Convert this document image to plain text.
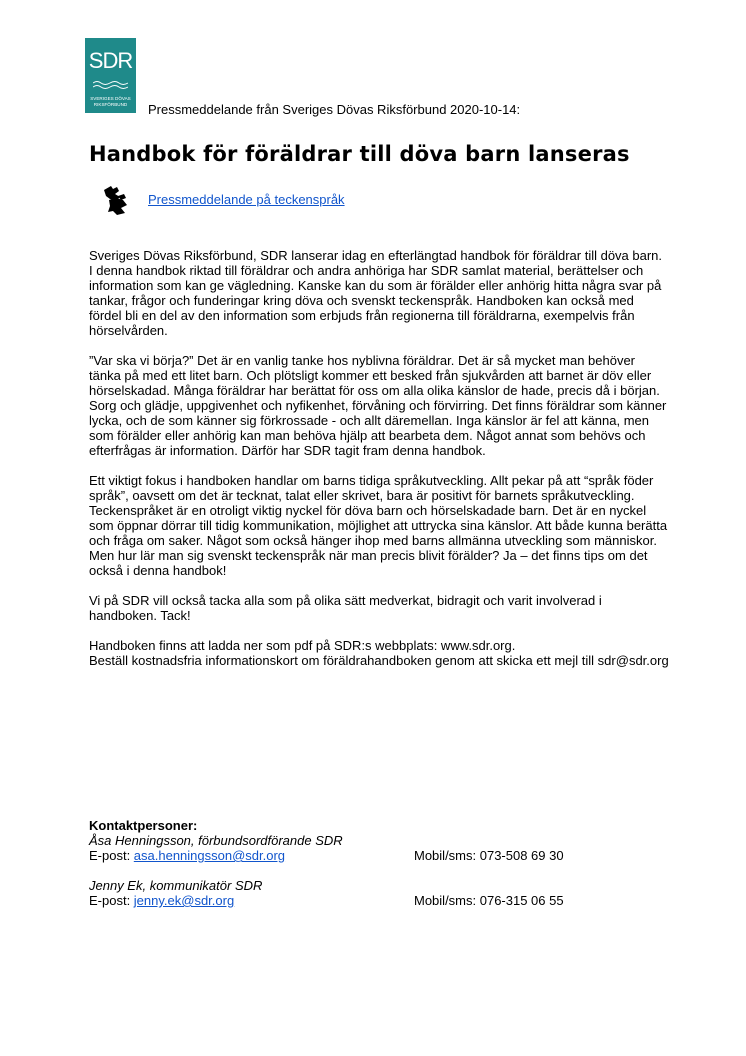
SDR
SVERIGES DÖVAS
RIKSFÖRBUND	Pressmeddelande från Sveriges Dövas Riksförbund 2020-10-14:
Handbok för föräldrar till döva barn lanseras
Pressmeddelande på teckenspråk

Sveriges Dövas Riksförbund, SDR lanserar idag en efterlängtad handbok för föräldrar till döva barn. I denna handbok riktad till föräldrar och andra anhöriga har SDR samlat material, berättelser och information som kan ge vägledning. Kanske kan du som är förälder eller anhörig hitta några svar på tankar, frågor och funderingar kring döva och svenskt teckenspråk. Handboken kan också med fördel bli en del av den information som erbjuds från regionerna till föräldrarna, exempelvis från hörselvården.

”Var ska vi börja?” Det är en vanlig tanke hos nyblivna föräldrar. Det är så mycket man behöver tänka på med ett litet barn. Och plötsligt kommer ett besked från sjukvården att barnet är döv eller hörselskadad. Många föräldrar har berättat för oss om alla olika känslor de hade, precis då i början. Sorg och glädje, uppgivenhet och nyfikenhet, förvåning och förvirring. Det finns föräldrar som känner lycka, och de som känner sig förkrossade - och allt däremellan. Inga känslor är fel att känna, men som förälder eller anhörig kan man behöva hjälp att bearbeta dem. Något annat som behövs och efterfrågas är information. Därför har SDR tagit fram denna handbok.

Ett viktigt fokus i handboken handlar om barns tidiga språkutveckling. Allt pekar på att “språk föder språk”, oavsett om det är tecknat, talat eller skrivet, bara är positivt för barnets språkutveckling. Teckenspråket är en otroligt viktig nyckel för döva barn och hörselskadade barn. Det är en nyckel som öppnar dörrar till tidig kommunikation, möjlighet att uttrycka sina känslor. Att både kunna berätta och fråga om saker. Något som också hänger ihop med barns allmänna utveckling som människor. Men hur lär man sig svenskt teckenspråk när man precis blivit förälder? Ja – det finns tips om det också i denna handbok!

Vi på SDR vill också tacka alla som på olika sätt medverkat, bidragit och varit involverad i handboken. Tack!

Handboken finns att ladda ner som pdf på SDR:s webbplats: www.sdr.org.
Beställ kostnadsfria informationskort om föräldrahandboken genom att skicka ett mejl till sdr@sdr.org

Kontaktpersoner:
Åsa Henningsson, förbundsordförande SDR
E-post: asa.henningsson@sdr.org	Mobil/sms: 073-508 69 30
Jenny Ek, kommunikatör SDR
E-post: jenny.ek@sdr.org	Mobil/sms: 076-315 06 55
